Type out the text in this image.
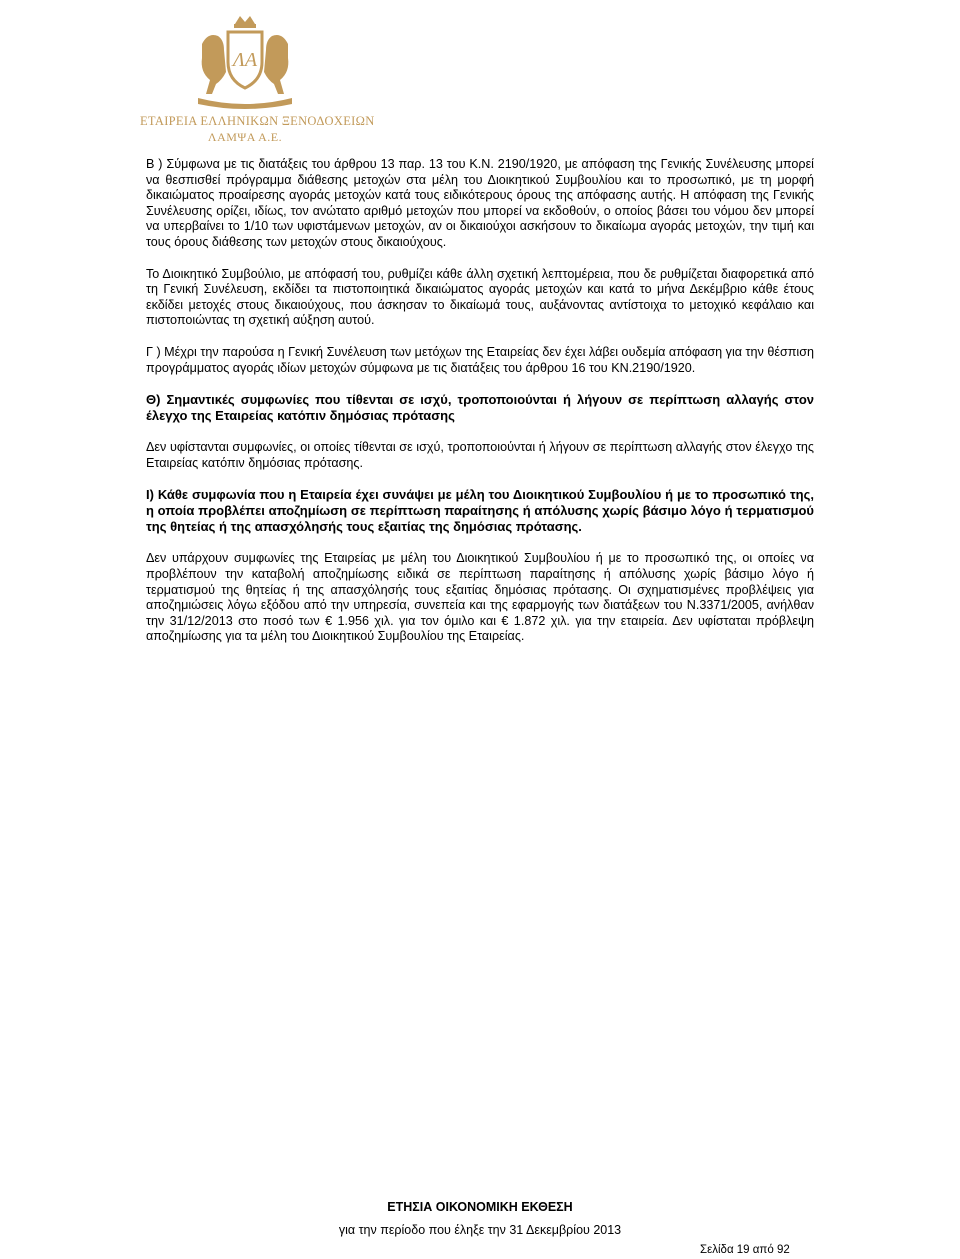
ΛΑ
ΕΤΑΙΡΕΙΑ ΕΛΛΗΝΙΚΩΝ ΞΕΝΟΔΟΧΕΙΩΝ
ΛΑΜΨΑ Α.Ε.

Β ) Σύμφωνα με τις διατάξεις του άρθρου 13 παρ. 13 του Κ.Ν. 2190/1920, με απόφαση της Γενικής Συνέλευσης μπορεί να θεσπισθεί πρόγραμμα διάθεσης μετοχών στα μέλη του Διοικητικού Συμβουλίου και το προσωπικό, με τη μορφή δικαιώματος προαίρεσης αγοράς μετοχών κατά τους ειδικότερους όρους της απόφασης αυτής. Η απόφαση της Γενικής Συνέλευσης ορίζει, ιδίως, τον ανώτατο αριθμό μετοχών που μπορεί να εκδοθούν, ο οποίος βάσει του νόμου δεν μπορεί να υπερβαίνει το 1/10 των υφιστάμενων μετοχών, αν οι δικαιούχοι ασκήσουν το δικαίωμα αγοράς μετοχών, την τιμή και τους όρους διάθεσης των μετοχών στους δικαιούχους.

Το Διοικητικό Συμβούλιο, με απόφασή του, ρυθμίζει κάθε άλλη σχετική λεπτομέρεια, που δε ρυθμίζεται διαφορετικά από τη Γενική Συνέλευση, εκδίδει τα πιστοποιητικά δικαιώματος αγοράς μετοχών και κατά το μήνα Δεκέμβριο κάθε έτους εκδίδει μετοχές στους δικαιούχους, που άσκησαν το δικαίωμά τους, αυξάνοντας αντίστοιχα το μετοχικό κεφάλαιο και πιστοποιώντας τη σχετική αύξηση αυτού.

Γ ) Μέχρι την παρούσα η Γενική Συνέλευση των μετόχων της Εταιρείας δεν έχει λάβει ουδεμία απόφαση για την θέσπιση προγράμματος αγοράς ιδίων μετοχών σύμφωνα με τις διατάξεις του άρθρου 16 του ΚΝ.2190/1920.

Θ) Σημαντικές συμφωνίες που τίθενται σε ισχύ, τροποποιούνται ή λήγουν σε περίπτωση αλλαγής στον έλεγχο της Εταιρείας κατόπιν δημόσιας πρότασης

Δεν υφίστανται συμφωνίες, οι οποίες τίθενται σε ισχύ, τροποποιούνται ή λήγουν σε περίπτωση αλλαγής στον έλεγχο της Εταιρείας κατόπιν δημόσιας πρότασης.

Ι) Κάθε συμφωνία που η Εταιρεία έχει συνάψει με μέλη του Διοικητικού Συμβουλίου ή με το προσωπικό της, η οποία προβλέπει αποζημίωση σε περίπτωση παραίτησης ή απόλυσης χωρίς βάσιμο λόγο ή τερματισμού της θητείας ή της απασχόλησής τους εξαιτίας της δημόσιας πρότασης.

Δεν υπάρχουν συμφωνίες της Εταιρείας με μέλη του Διοικητικού Συμβουλίου ή με το προσωπικό της, οι οποίες να προβλέπουν την καταβολή αποζημίωσης ειδικά σε περίπτωση παραίτησης ή απόλυσης χωρίς βάσιμο λόγο ή τερματισμού της θητείας ή της απασχόλησής τους εξαιτίας δημόσιας πρότασης. Οι σχηματισμένες προβλέψεις για αποζημιώσεις λόγω εξόδου από την υπηρεσία, συνεπεία και της εφαρμογής των διατάξεων του Ν.3371/2005, ανήλθαν την 31/12/2013 στο ποσό των € 1.956 χιλ. για τον όμιλο και € 1.872 χιλ. για την εταιρεία. Δεν υφίσταται πρόβλεψη αποζημίωσης για τα μέλη του Διοικητικού Συμβουλίου της Εταιρείας.

ΕΤΗΣΙΑ ΟΙΚΟΝΟΜΙΚΗ ΕΚΘΕΣΗ
για την περίοδο που έληξε την 31 Δεκεμβρίου 2013
Σελίδα 19 από 92
